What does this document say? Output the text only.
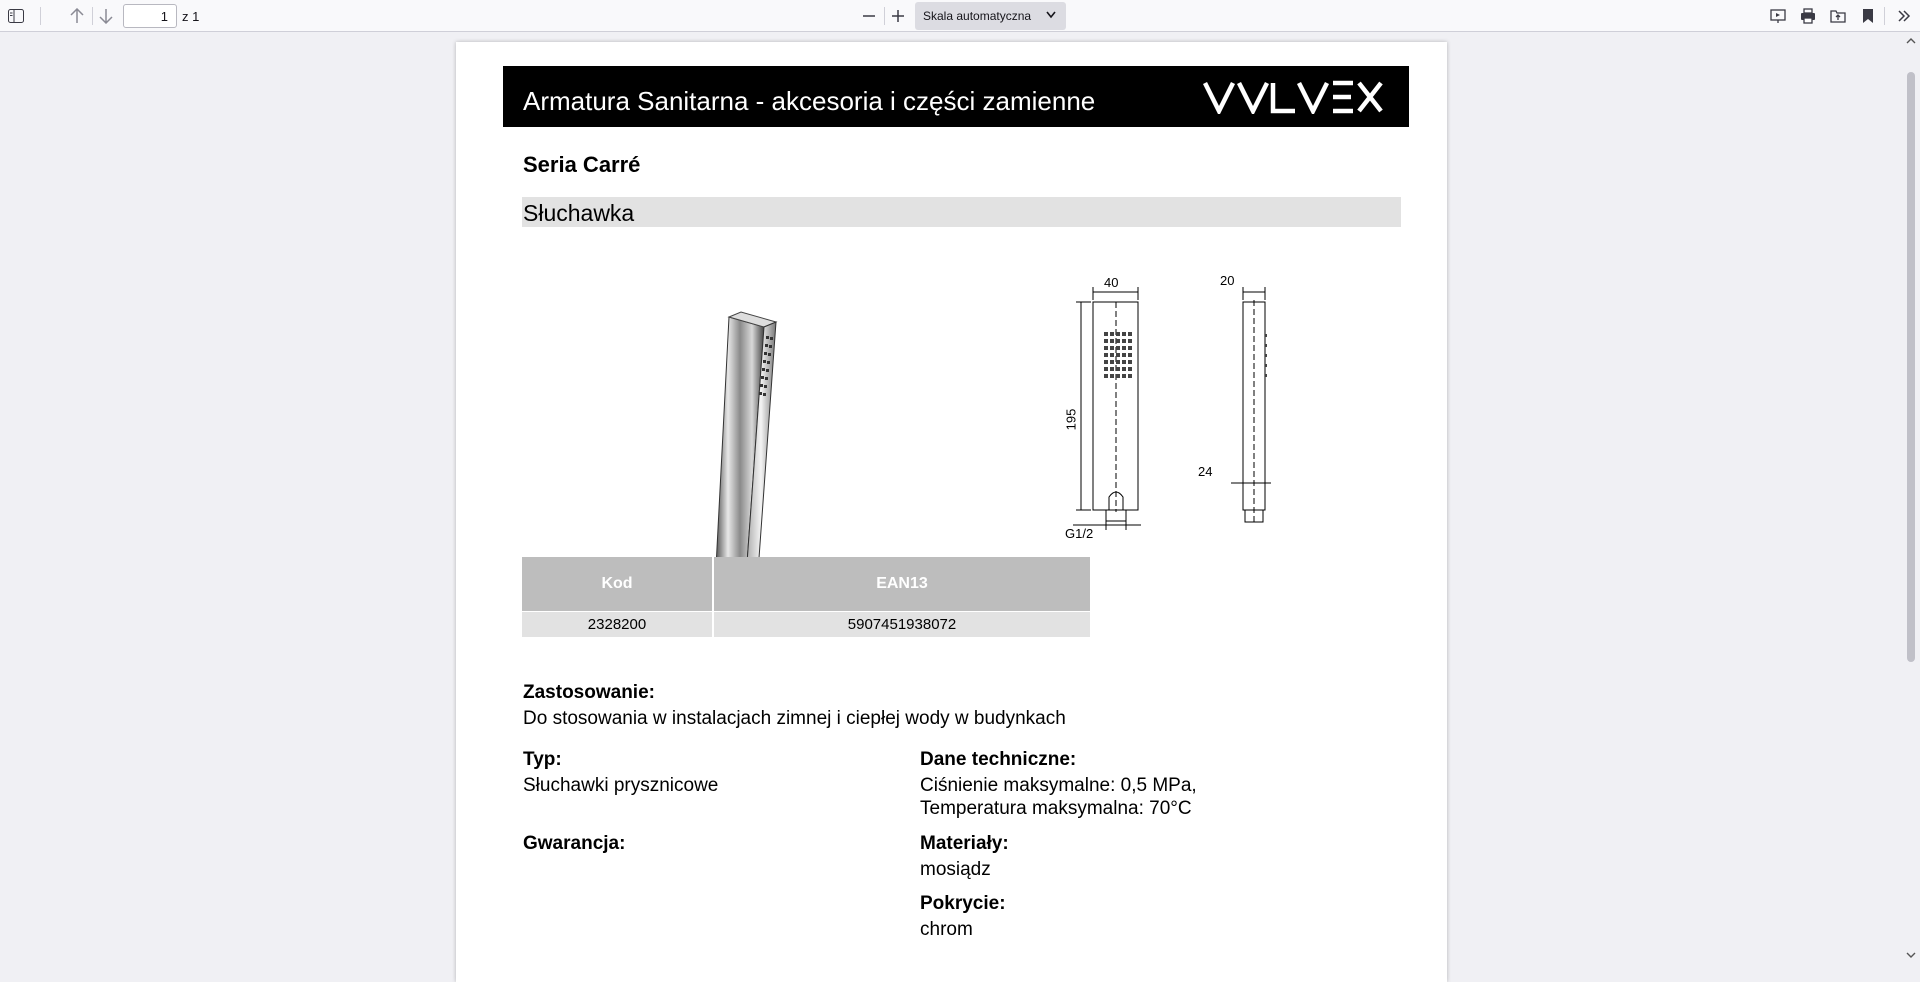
1
z 1	Skala automatyczna
Armatura Sanitarna - akcesoria i części zamienne
Seria Carré
Słuchawka
40
195
G1/2
20
24
Kod	EAN13
2328200	5907451938072
Zastosowanie:
Do stosowania w instalacjach zimnej i ciepłej wody w budynkach
Typ:
Słuchawki prysznicowe
Dane techniczne:
Ciśnienie maksymalne: 0,5 MPa,
Temperatura maksymalna: 70°C
Gwarancja:	Materiały:
mosiądz
Pokrycie:
chrom
